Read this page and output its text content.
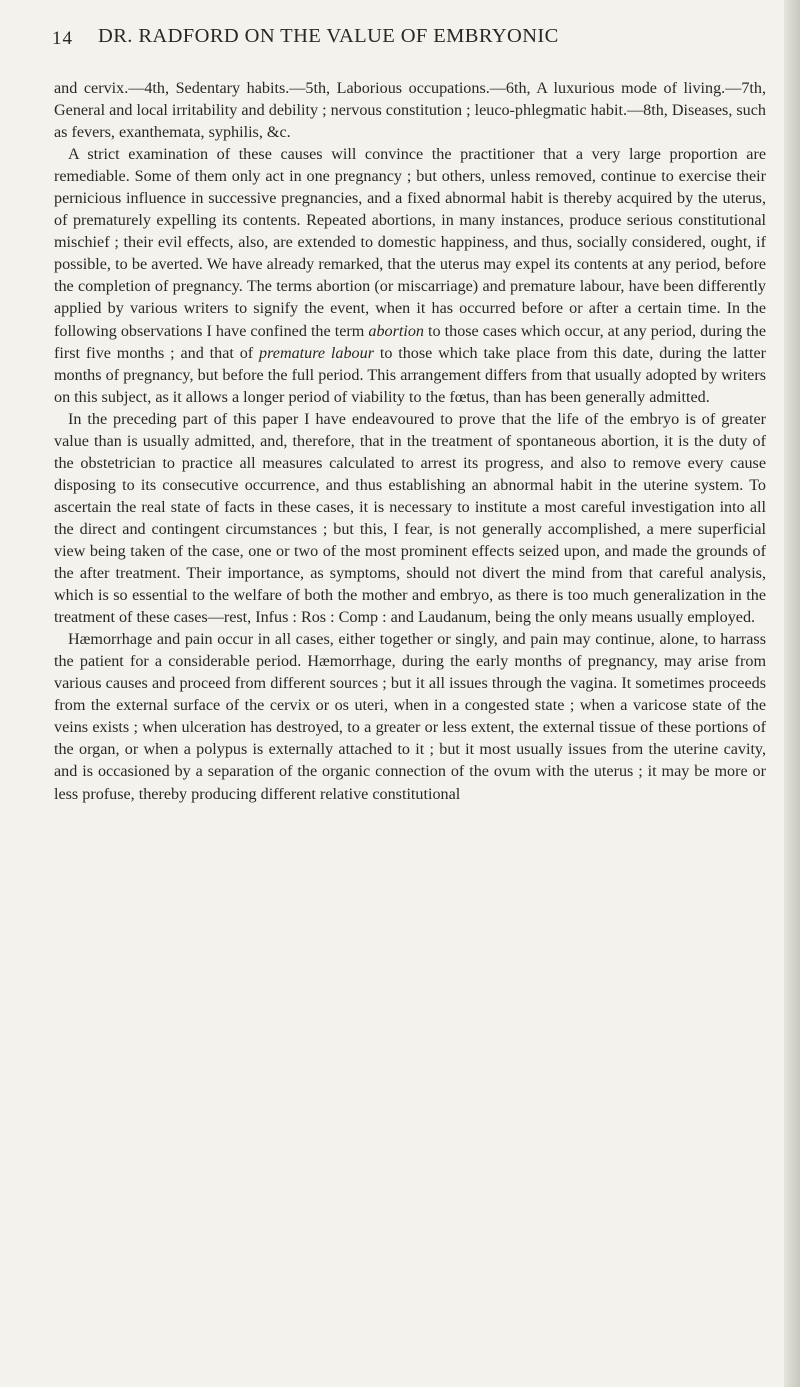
14 DR. RADFORD ON THE VALUE OF EMBRYONIC

and cervix.—4th, Sedentary habits.—5th, Laborious occupations.—6th, A luxurious mode of living.—7th, General and local irritability and debility ; nervous constitution ; leuco-phlegmatic habit.—8th, Diseases, such as fevers, exanthemata, syphilis, &c.

A strict examination of these causes will convince the practitioner that a very large proportion are remediable. Some of them only act in one pregnancy ; but others, unless removed, continue to exercise their pernicious influence in successive pregnancies, and a fixed abnormal habit is thereby acquired by the uterus, of prematurely expelling its contents. Repeated abortions, in many instances, produce serious constitutional mischief ; their evil effects, also, are extended to domestic happiness, and thus, socially considered, ought, if possible, to be averted. We have already remarked, that the uterus may expel its contents at any period, before the completion of pregnancy. The terms abortion (or miscarriage) and premature labour, have been differently applied by various writers to signify the event, when it has occurred before or after a certain time. In the following observations I have confined the term abortion to those cases which occur, at any period, during the first five months ; and that of premature labour to those which take place from this date, during the latter months of pregnancy, but before the full period. This arrangement differs from that usually adopted by writers on this subject, as it allows a longer period of viability to the fœtus, than has been generally admitted.

In the preceding part of this paper I have endeavoured to prove that the life of the embryo is of greater value than is usually admitted, and, therefore, that in the treatment of spontaneous abortion, it is the duty of the obstetrician to practice all measures calculated to arrest its progress, and also to remove every cause disposing to its consecutive occurrence, and thus establishing an abnormal habit in the uterine system. To ascertain the real state of facts in these cases, it is necessary to institute a most careful investigation into all the direct and contingent circumstances ; but this, I fear, is not generally accomplished, a mere superficial view being taken of the case, one or two of the most prominent effects seized upon, and made the grounds of the after treatment. Their importance, as symptoms, should not divert the mind from that careful analysis, which is so essential to the welfare of both the mother and embryo, as there is too much generalization in the treatment of these cases—rest, Infus : Ros : Comp : and Laudanum, being the only means usually employed.

Hæmorrhage and pain occur in all cases, either together or singly, and pain may continue, alone, to harrass the patient for a considerable period. Hæmorrhage, during the early months of pregnancy, may arise from various causes and proceed from different sources ; but it all issues through the vagina. It sometimes proceeds from the external surface of the cervix or os uteri, when in a congested state ; when a varicose state of the veins exists ; when ulceration has destroyed, to a greater or less extent, the external tissue of these portions of the organ, or when a polypus is externally attached to it ; but it most usually issues from the uterine cavity, and is occasioned by a separation of the organic connection of the ovum with the uterus ; it may be more or less profuse, thereby producing different relative constitutional
